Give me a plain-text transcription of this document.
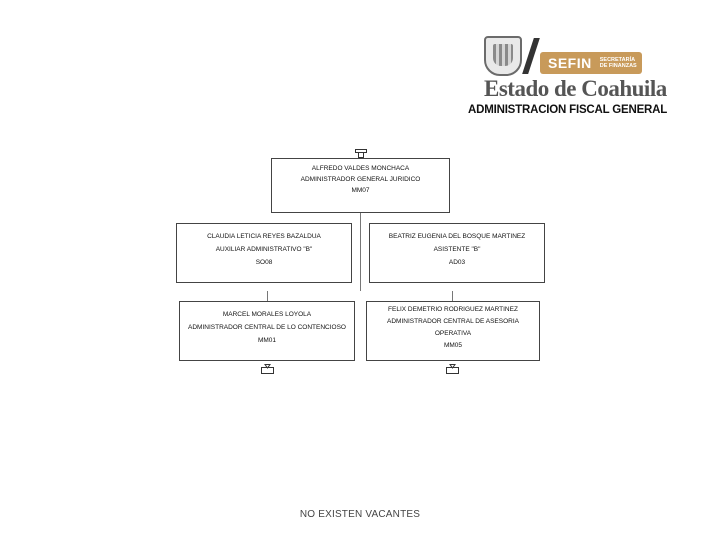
SEFIN SECRETARÍA
DE FINANZAS
Estado de Coahuila
ADMINISTRACION FISCAL GENERAL
ALFREDO VALDES MONCHACA
ADMINISTRADOR GENERAL JURIDICO
MM07
CLAUDIA LETICIA REYES BAZALDUA
AUXILIAR ADMINISTRATIVO "B"
SO08
BEATRIZ EUGENIA DEL BOSQUE MARTINEZ
ASISTENTE "B"
AD03
MARCEL MORALES LOYOLA
ADMINISTRADOR CENTRAL DE LO CONTENCIOSO
MM01
FELIX DEMETRIO RODRIGUEZ MARTINEZ
ADMINISTRADOR CENTRAL DE ASESORIA
OPERATIVA
MM05
NO EXISTEN VACANTES
